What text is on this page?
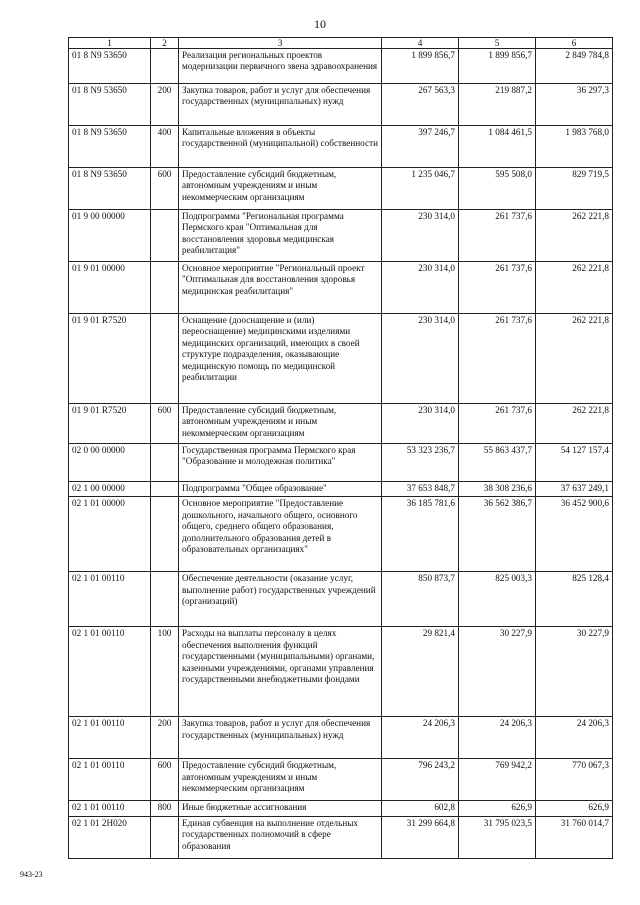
10
1	2	3	4	5	6
01 8 N9 53650		Реализация региональных проектов модернизации первичного звена здравоохранения	1 899 856,7	1 899 856,7	2 849 784,8
01 8 N9 53650	200	Закупка товаров, работ и услуг для обеспечения государственных (муниципальных) нужд	267 563,3	219 887,2	36 297,3
01 8 N9 53650	400	Капитальные вложения в объекты государственной (муниципальной) собственности	397 246,7	1 084 461,5	1 983 768,0
01 8 N9 53650	600	Предоставление субсидий бюджетным, автономным учреждениям и иным некоммерческим организациям	1 235 046,7	595 508,0	829 719,5
01 9 00 00000		Подпрограмма "Региональная программа Пермского края "Оптимальная для восстановления здоровья медицинская реабилитация"	230 314,0	261 737,6	262 221,8
01 9 01 00000		Основное мероприятие "Региональный проект "Оптимальная для восстановления здоровья медицинская реабилитация"	230 314,0	261 737,6	262 221,8
01 9 01 R7520		Оснащение (дооснащение и (или) переоснащение) медицинскими изделиями медицинских организаций, имеющих в своей структуре подразделения, оказывающие медицинскую помощь по медицинской реабилитации	230 314,0	261 737,6	262 221,8
01 9 01 R7520	600	Предоставление субсидий бюджетным, автономным учреждениям и иным некоммерческим организациям	230 314,0	261 737,6	262 221,8
02 0 00 00000		Государственная программа Пермского края "Образование и молодежная политика"	53 323 236,7	55 863 437,7	54 127 157,4
02 1 00 00000		Подпрограмма "Общее образование"	37 653 848,7	38 308 236,6	37 637 249,1
02 1 01 00000		Основное мероприятие "Предоставление дошкольного, начального общего, основного общего, среднего общего образования, дополнительного образования детей в образовательных организациях"	36 185 781,6	36 562 386,7	36 452 900,6
02 1 01 00110		Обеспечение деятельности (оказание услуг, выполнение работ) государственных учреждений (организаций)	850 873,7	825 003,3	825 128,4
02 1 01 00110	100	Расходы на выплаты персоналу в целях обеспечения выполнения функций государственными (муниципальными) органами, казенными учреждениями, органами управления государственными внебюджетными фондами	29 821,4	30 227,9	30 227,9
02 1 01 00110	200	Закупка товаров, работ и услуг для обеспечения государственных (муниципальных) нужд	24 206,3	24 206,3	24 206,3
02 1 01 00110	600	Предоставление субсидий бюджетным, автономным учреждениям и иным некоммерческим организациям	796 243,2	769 942,2	770 067,3
02 1 01 00110	800	Иные бюджетные ассигнования	602,8	626,9	626,9
02 1 01 2Н020		Единая субвенция на выполнение отдельных государственных полномочий в сфере образования	31 299 664,8	31 795 023,5	31 760 014,7
943-23
